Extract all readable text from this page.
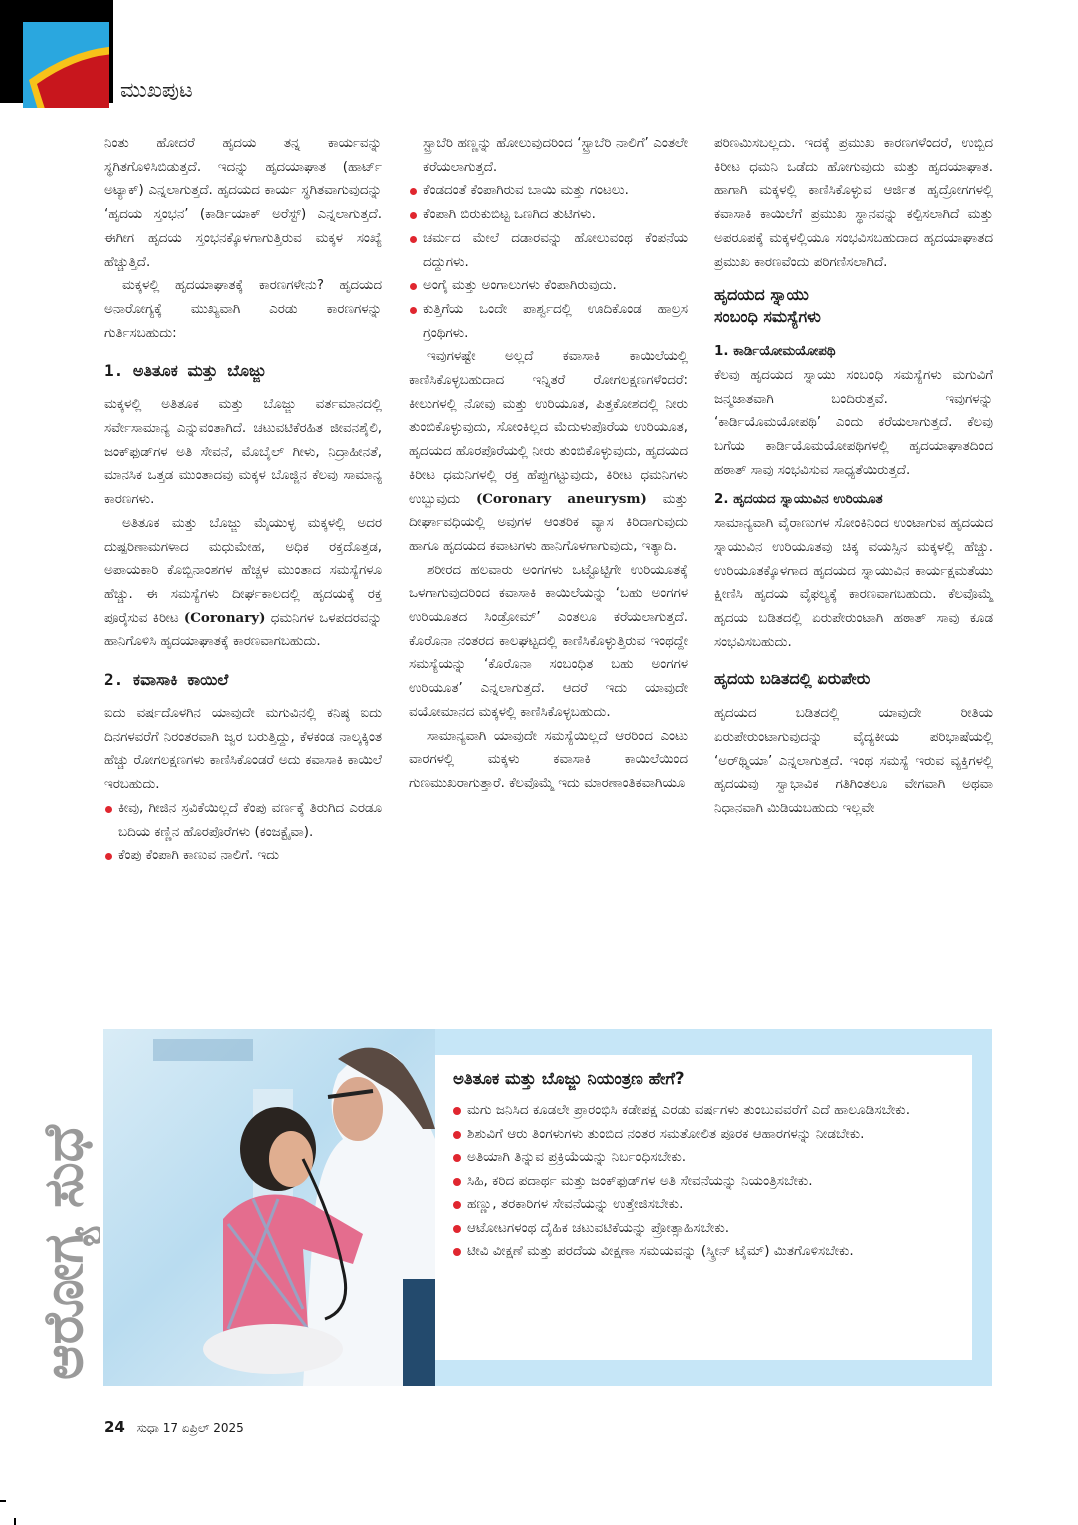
ಮುಖಪುಟ

ನಿಂತು ಹೋದರೆ ಹೃದಯ ತನ್ನ ಕಾರ್ಯವನ್ನು ಸ್ಥಗಿತಗೊಳಿಸಿಬಿಡುತ್ತದೆ. ಇದನ್ನು ಹೃದಯಾಘಾತ (ಹಾರ್ಟ್ ಅಟ್ಯಾಕ್) ಎನ್ನಲಾಗುತ್ತದೆ. ಹೃದಯದ ಕಾರ್ಯ ಸ್ಥಗಿತವಾಗುವುದನ್ನು ‘ಹೃದಯ ಸ್ತಂಭನ’ (ಕಾರ್ಡಿಯಾಕ್ ಅರೆಸ್ಟ್) ಎನ್ನಲಾಗುತ್ತದೆ. ಈಗೀಗ ಹೃದಯ ಸ್ತಂಭನಕ್ಕೊಳಗಾಗುತ್ತಿರುವ ಮಕ್ಕಳ ಸಂಖ್ಯೆ ಹೆಚ್ಚುತ್ತಿದೆ.

ಮಕ್ಕಳಲ್ಲಿ ಹೃದಯಾಘಾತಕ್ಕೆ ಕಾರಣಗಳೇನು? ಹೃದಯದ ಅನಾರೋಗ್ಯಕ್ಕೆ ಮುಖ್ಯವಾಗಿ ಎರಡು ಕಾರಣಗಳನ್ನು ಗುರ್ತಿಸಬಹುದು:

1. ಅತಿತೂಕ ಮತ್ತು ಬೊಜ್ಜು

ಮಕ್ಕಳಲ್ಲಿ ಅತಿತೂಕ ಮತ್ತು ಬೊಜ್ಜು ವರ್ತಮಾನದಲ್ಲಿ ಸರ್ವೇಸಾಮಾನ್ಯ ಎನ್ನುವಂತಾಗಿದೆ. ಚಟುವಟಿಕೆರಹಿತ ಜೀವನಶೈಲಿ, ಜಂಕ್‌ಫುಡ್‌ಗಳ ಅತಿ ಸೇವನೆ, ಮೊಬೈಲ್ ಗೀಳು, ನಿದ್ರಾಹೀನತೆ, ಮಾನಸಿಕ ಒತ್ತಡ ಮುಂತಾದವು ಮಕ್ಕಳ ಬೊಜ್ಜಿನ ಕೆಲವು ಸಾಮಾನ್ಯ ಕಾರಣಗಳು.

ಅತಿತೂಕ ಮತ್ತು ಬೊಜ್ಜು ಮೈಯುಳ್ಳ ಮಕ್ಕಳಲ್ಲಿ ಅದರ ದುಷ್ಪರಿಣಾಮಗಳಾದ ಮಧುಮೇಹ, ಅಧಿಕ ರಕ್ತದೊತ್ತಡ, ಅಪಾಯಕಾರಿ ಕೊಬ್ಬಿನಾಂಶಗಳ ಹೆಚ್ಚಳ ಮುಂತಾದ ಸಮಸ್ಯೆಗಳೂ ಹೆಚ್ಚು. ಈ ಸಮಸ್ಯೆಗಳು ದೀರ್ಘಕಾಲದಲ್ಲಿ ಹೃದಯಕ್ಕೆ ರಕ್ತ ಪೂರೈಸುವ ಕಿರೀಟ (Coronary) ಧಮನಿಗಳ ಒಳಪದರವನ್ನು ಹಾನಿಗೊಳಿಸಿ ಹೃದಯಾಘಾತಕ್ಕೆ ಕಾರಣವಾಗಬಹುದು.

2. ಕವಾಸಾಕಿ ಕಾಯಿಲೆ

ಐದು ವರ್ಷದೊಳಗಿನ ಯಾವುದೇ ಮಗುವಿನಲ್ಲಿ ಕನಿಷ್ಠ ಐದು ದಿನಗಳವರೆಗೆ ನಿರಂತರವಾಗಿ ಜ್ವರ ಬರುತ್ತಿದ್ದು, ಕೆಳಕಂಡ ನಾಲ್ಕಕ್ಕಿಂತ ಹೆಚ್ಚು ರೋಗಲಕ್ಷಣಗಳು ಕಾಣಿಸಿಕೊಂಡರೆ ಅದು ಕವಾಸಾಕಿ ಕಾಯಿಲೆ ಇರಬಹುದು.

ಕೀವು, ಗೀಜಿನ ಸ್ರವಿಕೆಯಿಲ್ಲದೆ ಕೆಂಪು ವರ್ಣಕ್ಕೆ ತಿರುಗಿದ ಎರಡೂ ಬದಿಯ ಕಣ್ಣಿನ ಹೊರಪೊರೆಗಳು (ಕಂಜಕ್ಟೈವಾ).

ಕೆಂಪು ಕೆಂಪಾಗಿ ಕಾಣುವ ನಾಲಿಗೆ. ಇದು

ಸ್ಟ್ರಾಬೆರಿ ಹಣ್ಣನ್ನು ಹೋಲುವುದರಿಂದ ‘ಸ್ಟ್ರಾಬೆರಿ ನಾಲಿಗೆ’ ಎಂತಲೇ ಕರೆಯಲಾಗುತ್ತದೆ.

ಕೆಂಡದಂತೆ ಕೆಂಪಾಗಿರುವ ಬಾಯಿ ಮತ್ತು ಗಂಟಲು.

ಕೆಂಪಾಗಿ ಬಿರುಕುಬಿಟ್ಟ ಒಣಗಿದ ತುಟಿಗಳು.

ಚರ್ಮದ ಮೇಲೆ ದಡಾರವನ್ನು ಹೋಲುವಂಥ ಕೆಂಪನೆಯ ದದ್ದುಗಳು.

ಅಂಗೈ ಮತ್ತು ಅಂಗಾಲುಗಳು ಕೆಂಪಾಗಿರುವುದು.

ಕುತ್ತಿಗೆಯ ಒಂದೇ ಪಾರ್ಶ್ವದಲ್ಲಿ ಊದಿಕೊಂಡ ಹಾಲ್ರಸ ಗ್ರಂಥಿಗಳು.

ಇವುಗಳಷ್ಟೇ ಅಲ್ಲದೆ ಕವಾಸಾಕಿ ಕಾಯಿಲೆಯಲ್ಲಿ ಕಾಣಿಸಿಕೊಳ್ಳಬಹುದಾದ ಇನ್ನಿತರೆ ರೋಗಲಕ್ಷಣಗಳೆಂದರೆ: ಕೀಲುಗಳಲ್ಲಿ ನೋವು ಮತ್ತು ಉರಿಯೂತ, ಪಿತ್ತಕೋಶದಲ್ಲಿ ನೀರು ತುಂಬಿಕೊಳ್ಳುವುದು, ಸೋಂಕಿಲ್ಲದ ಮೆದುಳುಪೊರೆಯ ಉರಿಯೂತ, ಹೃದಯದ ಹೊರಪೊರೆಯಲ್ಲಿ ನೀರು ತುಂಬಿಕೊಳ್ಳುವುದು, ಹೃದಯದ ಕಿರೀಟ ಧಮನಿಗಳಲ್ಲಿ ರಕ್ತ ಹೆಪ್ಪುಗಟ್ಟುವುದು, ಕಿರೀಟ ಧಮನಿಗಳು ಉಬ್ಬುವುದು (Coronary aneurysm) ಮತ್ತು ದೀರ್ಘಾವಧಿಯಲ್ಲಿ ಅವುಗಳ ಆಂತರಿಕ ವ್ಯಾಸ ಕಿರಿದಾಗುವುದು ಹಾಗೂ ಹೃದಯದ ಕವಾಟಗಳು ಹಾನಿಗೊಳಗಾಗುವುದು, ಇತ್ಯಾದಿ.

ಶರೀರದ ಹಲವಾರು ಅಂಗಗಳು ಒಟ್ಟೊಟ್ಟಿಗೇ ಉರಿಯೂತಕ್ಕೆ ಒಳಗಾಗುವುದರಿಂದ ಕವಾಸಾಕಿ ಕಾಯಿಲೆಯನ್ನು ‘ಬಹು ಅಂಗಗಳ ಉರಿಯೂತದ ಸಿಂಡ್ರೋಮ್’ ಎಂತಲೂ ಕರೆಯಲಾಗುತ್ತದೆ. ಕೊರೊನಾ ನಂತರದ ಕಾಲಘಟ್ಟದಲ್ಲಿ ಕಾಣಿಸಿಕೊಳ್ಳುತ್ತಿರುವ ಇಂಥದ್ದೇ ಸಮಸ್ಯೆಯನ್ನು ‘ಕೊರೊನಾ ಸಂಬಂಧಿತ ಬಹು ಅಂಗಗಳ ಉರಿಯೂತ’ ಎನ್ನಲಾಗುತ್ತದೆ. ಆದರೆ ಇದು ಯಾವುದೇ ವಯೋಮಾನದ ಮಕ್ಕಳಲ್ಲಿ ಕಾಣಿಸಿಕೊಳ್ಳಬಹುದು.

ಸಾಮಾನ್ಯವಾಗಿ ಯಾವುದೇ ಸಮಸ್ಯೆಯಿಲ್ಲದೆ ಆರರಿಂದ ಎಂಟು ವಾರಗಳಲ್ಲಿ ಮಕ್ಕಳು ಕವಾಸಾಕಿ ಕಾಯಿಲೆಯಿಂದ ಗುಣಮುಖರಾಗುತ್ತಾರೆ. ಕೆಲವೊಮ್ಮೆ ಇದು ಮಾರಣಾಂತಿಕವಾಗಿಯೂ

ಪರಿಣಮಿಸಬಲ್ಲದು. ಇದಕ್ಕೆ ಪ್ರಮುಖ ಕಾರಣಗಳೆಂದರೆ, ಉಬ್ಬಿದ ಕಿರೀಟ ಧಮನಿ ಒಡೆದು ಹೋಗುವುದು ಮತ್ತು ಹೃದಯಾಘಾತ. ಹಾಗಾಗಿ ಮಕ್ಕಳಲ್ಲಿ ಕಾಣಿಸಿಕೊಳ್ಳುವ ಆರ್ಜಿತ ಹೃದ್ರೋಗಗಳಲ್ಲಿ ಕವಾಸಾಕಿ ಕಾಯಿಲೆಗೆ ಪ್ರಮುಖ ಸ್ಥಾನವನ್ನು ಕಲ್ಪಿಸಲಾಗಿದೆ ಮತ್ತು ಅಪರೂಪಕ್ಕೆ ಮಕ್ಕಳಲ್ಲಿಯೂ ಸಂಭವಿಸಬಹುದಾದ ಹೃದಯಾಘಾತದ ಪ್ರಮುಖ ಕಾರಣವೆಂದು ಪರಿಗಣಿಸಲಾಗಿದೆ.

ಹೃದಯದ ಸ್ನಾಯು
ಸಂಬಂಧಿ ಸಮಸ್ಯೆಗಳು
1. ಕಾರ್ಡಿಯೋಮಯೋಪಥಿ

ಕೆಲವು ಹೃದಯದ ಸ್ನಾಯು ಸಂಬಂಧಿ ಸಮಸ್ಯೆಗಳು ಮಗುವಿಗೆ ಜನ್ಮಜಾತವಾಗಿ ಬಂದಿರುತ್ತವೆ. ಇವುಗಳನ್ನು ‘ಕಾರ್ಡಿಯೊಮಯೋಪಥಿ’ ಎಂದು ಕರೆಯಲಾಗುತ್ತದೆ. ಕೆಲವು ಬಗೆಯ ಕಾರ್ಡಿಯೊಮಯೋಪಥಿಗಳಲ್ಲಿ ಹೃದಯಾಘಾತದಿಂದ ಹಠಾತ್ ಸಾವು ಸಂಭವಿಸುವ ಸಾಧ್ಯತೆಯಿರುತ್ತದೆ.

2. ಹೃದಯದ ಸ್ನಾಯುವಿನ ಉರಿಯೂತ

ಸಾಮಾನ್ಯವಾಗಿ ವೈರಾಣುಗಳ ಸೋಂಕಿನಿಂದ ಉಂಟಾಗುವ ಹೃದಯದ ಸ್ನಾಯುವಿನ ಉರಿಯೂತವು ಚಿಕ್ಕ ವಯಸ್ಸಿನ ಮಕ್ಕಳಲ್ಲಿ ಹೆಚ್ಚು. ಉರಿಯೂತಕ್ಕೊಳಗಾದ ಹೃದಯದ ಸ್ನಾಯುವಿನ ಕಾರ್ಯಕ್ಷಮತೆಯು ಕ್ಷೀಣಿಸಿ ಹೃದಯ ವೈಫಲ್ಯಕ್ಕೆ ಕಾರಣವಾಗಬಹುದು. ಕೆಲವೊಮ್ಮೆ ಹೃದಯ ಬಡಿತದಲ್ಲಿ ಏರುಪೇರುಂಟಾಗಿ ಹಠಾತ್ ಸಾವು ಕೂಡ ಸಂಭವಿಸಬಹುದು.

ಹೃದಯ ಬಡಿತದಲ್ಲಿ ಏರುಪೇರು

ಹೃದಯದ ಬಡಿತದಲ್ಲಿ ಯಾವುದೇ ರೀತಿಯ ಏರುಪೇರುಂಟಾಗುವುದನ್ನು ವೈದ್ಯಕೀಯ ಪರಿಭಾಷೆಯಲ್ಲಿ ‘ಅರ್‌ಥ್ಮಿಯಾ’ ಎನ್ನಲಾಗುತ್ತದೆ. ಇಂಥ ಸಮಸ್ಯೆ ಇರುವ ವ್ಯಕ್ತಿಗಳಲ್ಲಿ ಹೃದಯವು ಸ್ವಾಭಾವಿಕ ಗತಿಗಿಂತಲೂ ವೇಗವಾಗಿ ಅಥವಾ ನಿಧಾನವಾಗಿ ಮಿಡಿಯಬಹುದು ಇಲ್ಲವೇ

ಆರೋಗ್ಯ ಸುಧೆ
ಅತಿತೂಕ ಮತ್ತು ಬೊಜ್ಜು ನಿಯಂತ್ರಣ ಹೇಗೆ?
ಮಗು ಜನಿಸಿದ ಕೂಡಲೇ ಪ್ರಾರಂಭಿಸಿ ಕಡೇಪಕ್ಷ ಎರಡು ವರ್ಷಗಳು ತುಂಬುವವರೆಗೆ ಎದೆ ಹಾಲೂಡಿಸಬೇಕು.
ಶಿಶುವಿಗೆ ಆರು ತಿಂಗಳುಗಳು ತುಂಬಿದ ನಂತರ ಸಮತೋಲಿತ ಪೂರಕ ಆಹಾರಗಳನ್ನು ನೀಡಬೇಕು.
ಅತಿಯಾಗಿ ತಿನ್ನುವ ಪ್ರಕ್ರಿಯೆಯನ್ನು ನಿರ್ಬಂಧಿಸಬೇಕು.
ಸಿಹಿ, ಕರಿದ ಪದಾರ್ಥ ಮತ್ತು ಜಂಕ್‌ಫುಡ್‌ಗಳ ಅತಿ ಸೇವನೆಯನ್ನು ನಿಯಂತ್ರಿಸಬೇಕು.
ಹಣ್ಣು, ತರಕಾರಿಗಳ ಸೇವನೆಯನ್ನು ಉತ್ತೇಜಿಸಬೇಕು.
ಆಟೋಟಗಳಂಥ ದೈಹಿಕ ಚಟುವಟಿಕೆಯನ್ನು ಪ್ರೋತ್ಸಾಹಿಸಬೇಕು.
ಟೀವಿ ವೀಕ್ಷಣೆ ಮತ್ತು ಪರದೆಯ ವೀಕ್ಷಣಾ ಸಮಯವನ್ನು (ಸ್ಕ್ರೀನ್ ಟೈಮ್) ಮಿತಗೊಳಿಸಬೇಕು.
24 ಸುಧಾ 17 ಏಪ್ರಿಲ್ 2025
